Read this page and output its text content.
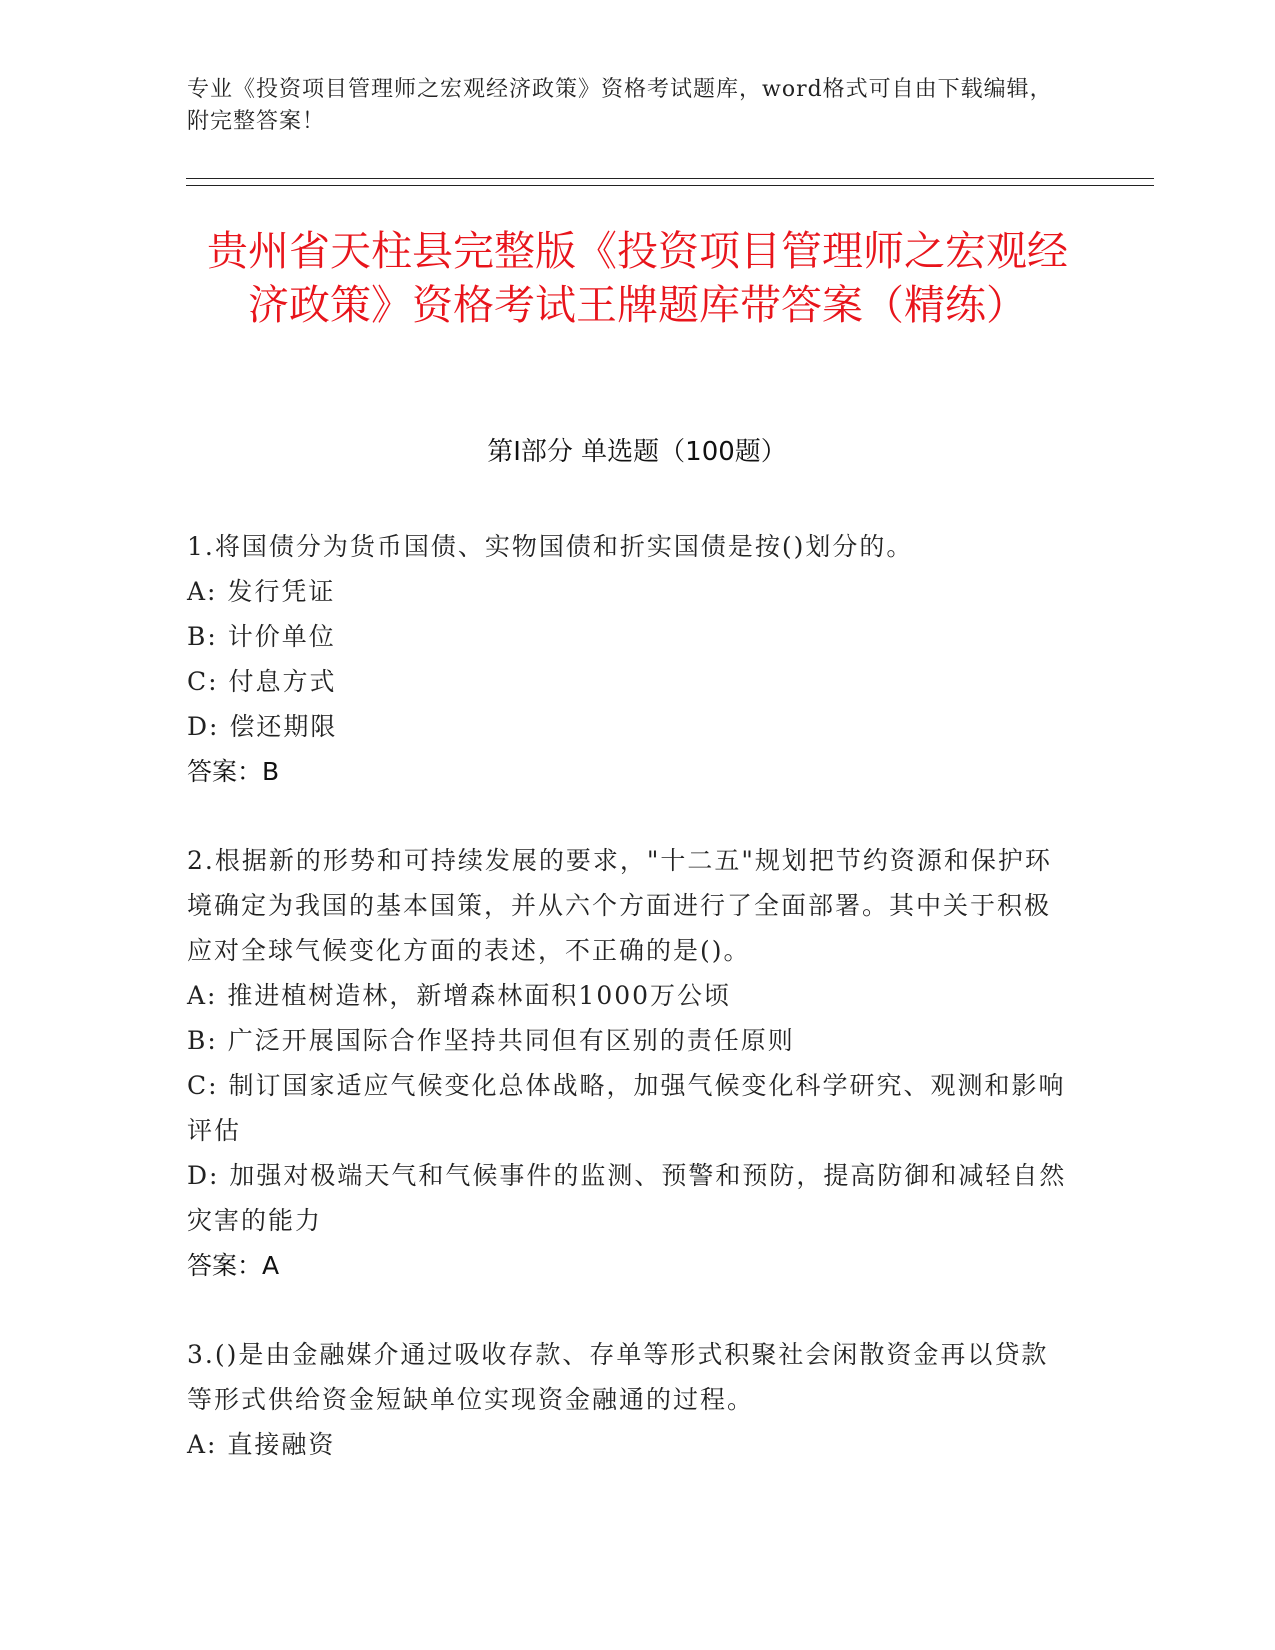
专业《投资项目管理师之宏观经济政策》资格考试题库，word格式可自由下载编辑，附完整答案！
贵州省天柱县完整版《投资项目管理师之宏观经济政策》资格考试王牌题库带答案（精练）
第I部分 单选题（100题）

1.将国债分为货币国债、实物国债和折实国债是按()划分的。

A: 发行凭证

B: 计价单位

C: 付息方式

D: 偿还期限

答案：B

2.根据新的形势和可持续发展的要求，"十二五"规划把节约资源和保护环境确定为我国的基本国策，并从六个方面进行了全面部署。其中关于积极应对全球气候变化方面的表述，不正确的是()。

A: 推进植树造林，新增森林面积1000万公顷

B: 广泛开展国际合作坚持共同但有区别的责任原则

C: 制订国家适应气候变化总体战略，加强气候变化科学研究、观测和影响评估

D: 加强对极端天气和气候事件的监测、预警和预防，提高防御和减轻自然灾害的能力

答案：A

3.()是由金融媒介通过吸收存款、存单等形式积聚社会闲散资金再以贷款等形式供给资金短缺单位实现资金融通的过程。

A: 直接融资
